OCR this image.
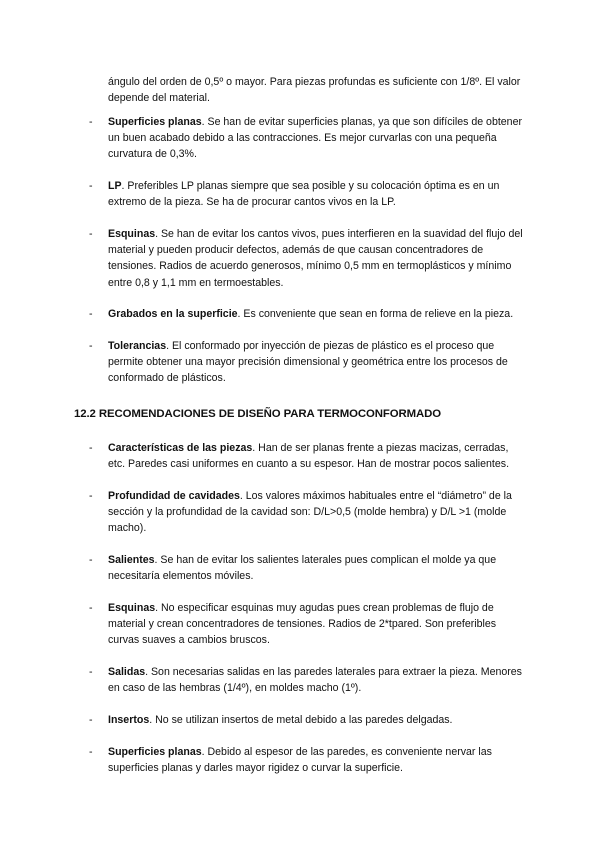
ángulo del orden de 0,5º o mayor. Para piezas profundas es suficiente con 1/8º. El valor depende del material.

- Superficies planas. Se han de evitar superficies planas, ya que son difíciles de obtener un buen acabado debido a las contracciones. Es mejor curvarlas con una pequeña curvatura de 0,3%.
- LP. Preferibles LP planas siempre que sea posible y su colocación óptima es en un extremo de la pieza. Se ha de procurar cantos vivos en la LP.
- Esquinas. Se han de evitar los cantos vivos, pues interfieren en la suavidad del flujo del material y pueden producir defectos, además de que causan concentradores de tensiones. Radios de acuerdo generosos, mínimo 0,5 mm en termoplásticos y mínimo entre 0,8 y 1,1 mm en termoestables.
- Grabados en la superficie. Es conveniente que sean en forma de relieve en la pieza.
- Tolerancias. El conformado por inyección de piezas de plástico es el proceso que permite obtener una mayor precisión dimensional y geométrica entre los procesos de conformado de plásticos.
12.2 RECOMENDACIONES DE DISEÑO PARA TERMOCONFORMADO
- Características de las piezas. Han de ser planas frente a piezas macizas, cerradas, etc. Paredes casi uniformes en cuanto a su espesor. Han de mostrar pocos salientes.
- Profundidad de cavidades. Los valores máximos habituales entre el “diámetro” de la sección y la profundidad de la cavidad son: D/L>0,5 (molde hembra) y D/L >1 (molde macho).
- Salientes. Se han de evitar los salientes laterales pues complican el molde ya que necesitaría elementos móviles.
- Esquinas. No especificar esquinas muy agudas pues crean problemas de flujo de material y crean concentradores de tensiones. Radios de 2*tpared. Son preferibles curvas suaves a cambios bruscos.
- Salidas. Son necesarias salidas en las paredes laterales para extraer la pieza. Menores en caso de las hembras (1/4º), en moldes macho (1º).
- Insertos. No se utilizan insertos de metal debido a las paredes delgadas.
- Superficies planas. Debido al espesor de las paredes, es conveniente nervar las superficies planas y darles mayor rigidez o curvar la superficie.
